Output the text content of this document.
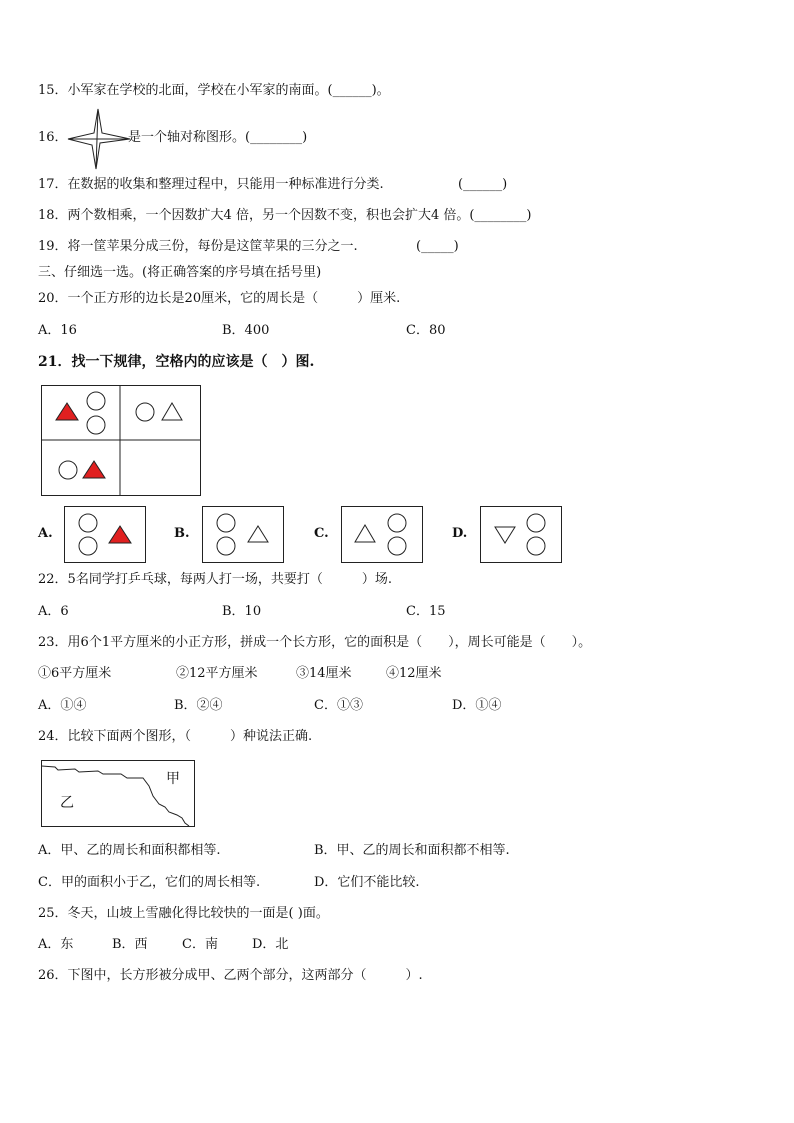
15．小军家在学校的北面，学校在小军家的南面。(______)。
16．	是一个轴对称图形。(________)
17．在数据的收集和整理过程中，只能用一种标准进行分类.	(______)
18．两个数相乘，一个因数扩大4 倍，另一个因数不变，积也会扩大4 倍。(________)
19．将一筐苹果分成三份，每份是这筐苹果的三分之一.	(_____)
三、仔细选一选。(将正确答案的序号填在括号里)
20．一个正方形的边长是20厘米，它的周长是（　　　）厘米.
A．16	B．400	C．80
21．找一下规律，空格内的应该是（　）图.
A.	B.	C.	D.
22．5名同学打乒乓球，每两人打一场，共要打（　　　）场.
A．6	B．10	C．15
23．用6个1平方厘米的小正方形，拼成一个长方形，它的面积是（　　），周长可能是（　　）。
①6平方厘米	②12平方厘米	③14厘米	④12厘米
A．①④	B．②④	C．①③	D．①④
24．比较下面两个图形，（　　　）种说法正确.
甲
乙
A．甲、乙的周长和面积都相等.	B．甲、乙的周长和面积都不相等.
C．甲的面积小于乙，它们的周长相等.	D．它们不能比较.
25．冬天，山坡上雪融化得比较快的一面是( )面。
A．东	B．西	C．南	D．北
26．下图中，长方形被分成甲、乙两个部分，这两部分（　　　）.
